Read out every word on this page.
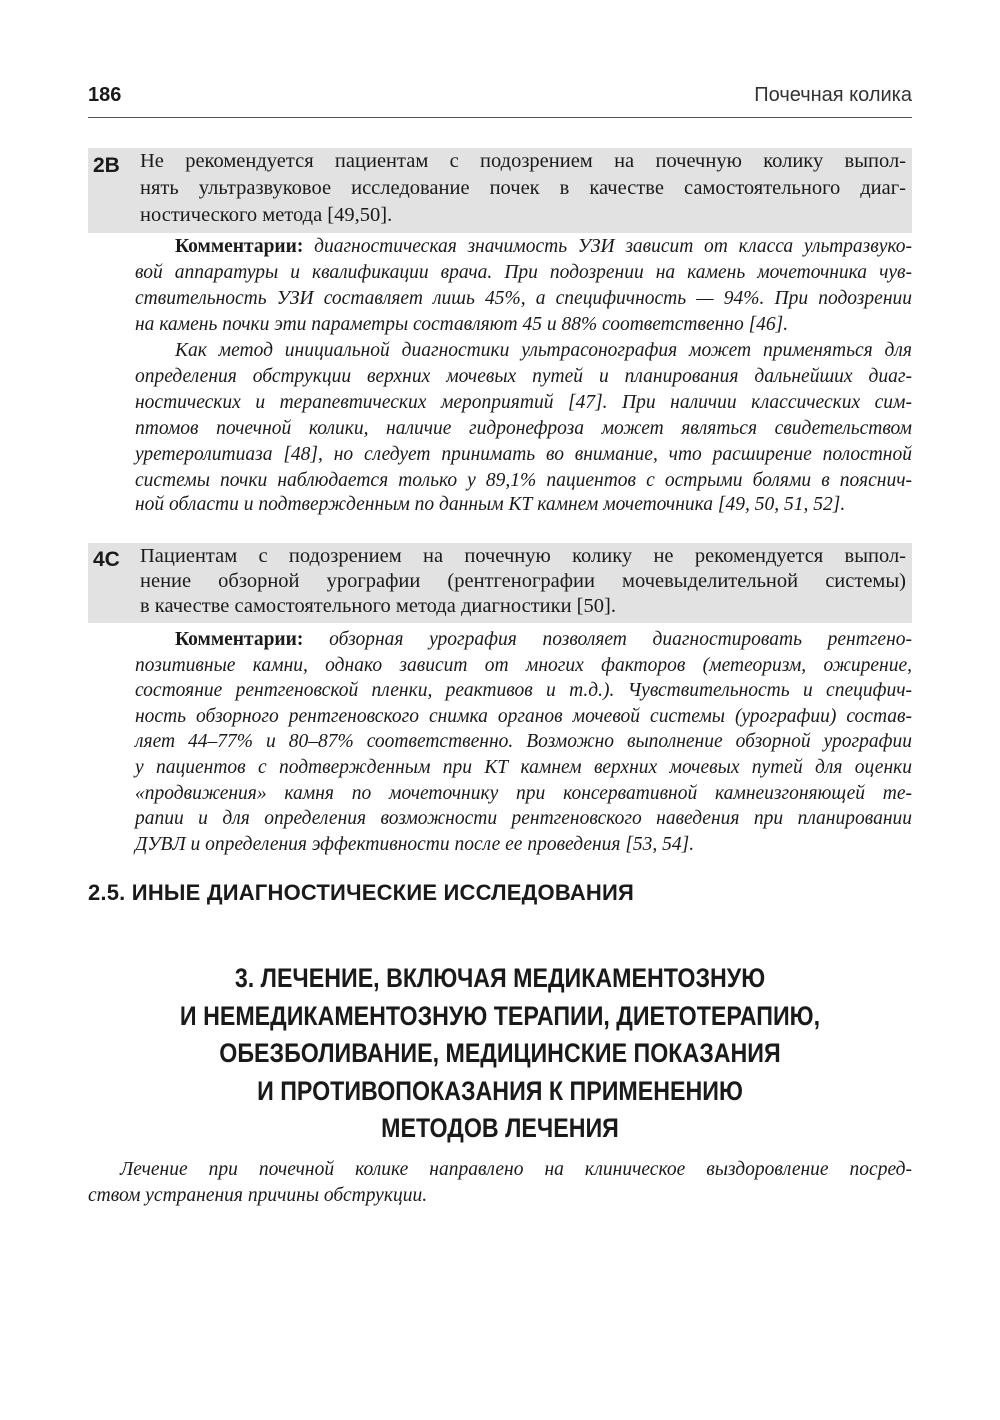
186	Почечная колика
2В Не рекомендуется пациентам с подозрением на почечную колику выпол-
нять ультразвуковое исследование почек в качестве самостоятельного диаг-
ностического метода [49,50].
Комментарии: диагностическая значимость УЗИ зависит от класса ультразвуко-
вой аппаратуры и квалификации врача. При подозрении на камень мочеточника чув-
ствительность УЗИ составляет лишь 45%, а специфичность — 94%. При подозрении
на камень почки эти параметры составляют 45 и 88% соответственно [46].
Как метод инициальной диагностики ультрасонография может применяться для
определения обструкции верхних мочевых путей и планирования дальнейших диаг-
ностических и терапевтических мероприятий [47]. При наличии классических сим-
птомов почечной колики, наличие гидронефроза может являться свидетельством
уретеролитиаза [48], но следует принимать во внимание, что расширение полостной
системы почки наблюдается только у 89,1% пациентов с острыми болями в пояснич-
ной области и подтвержденным по данным КТ камнем мочеточника [49, 50, 51, 52].
4С Пациентам с подозрением на почечную колику не рекомендуется выпол-
нение обзорной урографии (рентгенографии мочевыделительной системы)
в качестве самостоятельного метода диагностики [50].
Комментарии: обзорная урография позволяет диагностировать рентгено-
позитивные камни, однако зависит от многих факторов (метеоризм, ожирение,
состояние рентгеновской пленки, реактивов и т.д.). Чувствительность и специфич-
ность обзорного рентгеновского снимка органов мочевой системы (урографии) состав-
ляет 44–77% и 80–87% соответственно. Возможно выполнение обзорной урографии
у пациентов с подтвержденным при КТ камнем верхних мочевых путей для оценки
«продвижения» камня по мочеточнику при консервативной камнеизгоняющей те-
рапии и для определения возможности рентгеновского наведения при планировании
ДУВЛ и определения эффективности после ее проведения [53, 54].
2.5. ИНЫЕ ДИАГНОСТИЧЕСКИЕ ИССЛЕДОВАНИЯ
3. ЛЕЧЕНИЕ, ВКЛЮЧАЯ МЕДИКАМЕНТОЗНУЮ
И НЕМЕДИКАМЕНТОЗНУЮ ТЕРАПИИ, ДИЕТОТЕРАПИЮ,
ОБЕЗБОЛИВАНИЕ, МЕДИЦИНСКИЕ ПОКАЗАНИЯ
И ПРОТИВОПОКАЗАНИЯ К ПРИМЕНЕНИЮ
МЕТОДОВ ЛЕЧЕНИЯ
Лечение при почечной колике направлено на клиническое выздоровление посред-
ством устранения причины обструкции.
